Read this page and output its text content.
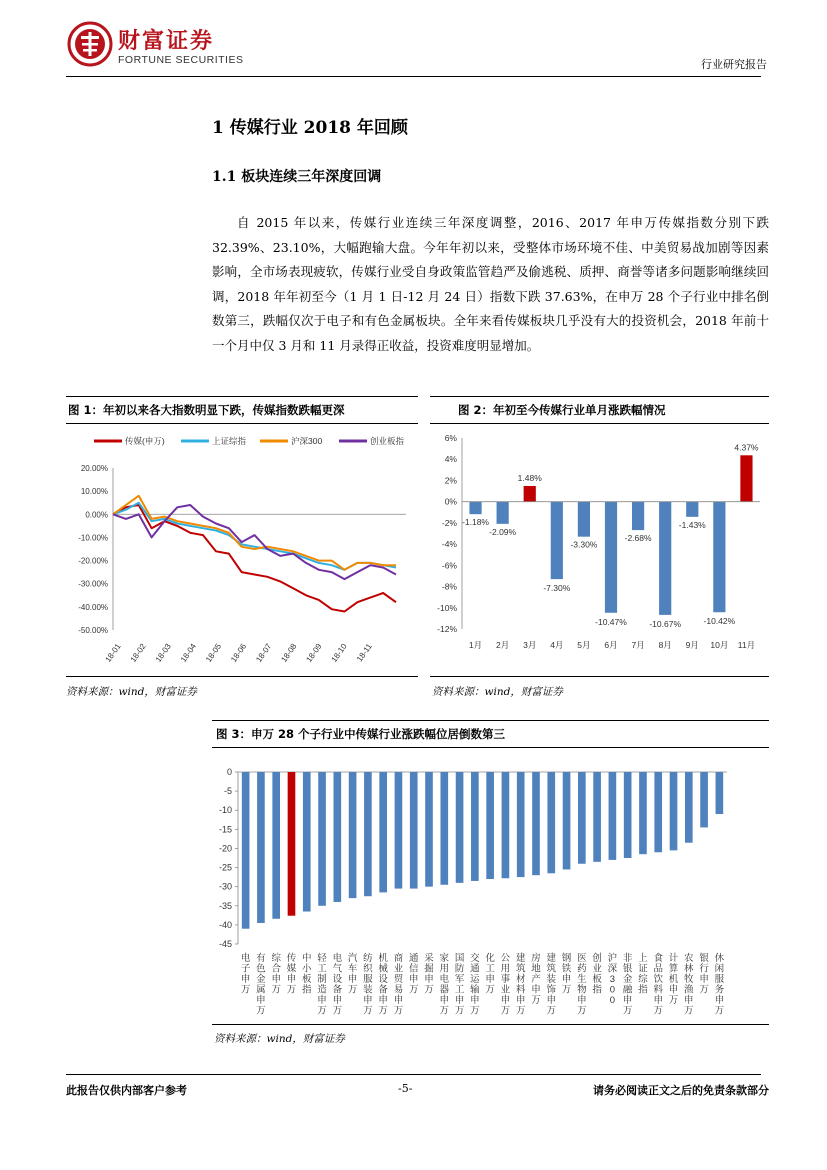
财富证券
FORTUNE SECURITIES	行业研究报告
1 传媒行业 2018 年回顾
1.1 板块连续三年深度回调
自 2015 年以来，传媒行业连续三年深度调整，2016、2017 年申万传媒指数分别下跌 32.39%、23.10%，大幅跑输大盘。今年年初以来，受整体市场环境不佳、中美贸易战加剧等因素影响，全市场表现疲软，传媒行业受自身政策监管趋严及偷逃税、质押、商誉等诸多问题影响继续回调，2018 年年初至今（1 月 1 日-12 月 24 日）指数下跌 37.63%，在申万 28 个子行业中排名倒数第三，跌幅仅次于电子和有色金属板块。全年来看传媒板块几乎没有大的投资机会，2018 年前十一个月中仅 3 月和 11 月录得正收益，投资难度明显增加。
图 1：年初以来各大指数明显下跌，传媒指数跌幅更深
传媒(申万)	上证综指	沪深300	创业板指
20.00%
10.00%
0.00%
-10.00%
-20.00%
-30.00%
-40.00%
-50.00%
18-01 18-02 18-03 18-04 18-05 18-06 18-07 18-08 18-09 18-10 18-11
资料来源：wind，财富证券
图 2：年初至今传媒行业单月涨跌幅情况
6%
4%
2%
0%
-2%
-4%
-6%
-8%
-10%
-12%
-1.18%
1月
-2.09%
2月
1.48%
3月
-7.30%
4月
-3.30%
5月
-10.47%
6月
-2.68%
7月
-10.67%
8月
-1.43%
9月
-10.42%
10月
4.37%
11月
资料来源：wind，财富证券
图 3：申万 28 个子行业中传媒行业涨跌幅位居倒数第三
0
-5
-10
-15
-20
-25
-30
-35
-40
-45
电子申万
有色金属申万
综合申万
传媒申万
中小板指
轻工制造申万
电气设备申万
汽车申万
纺织服装申万
机械设备申万
商业贸易申万
通信申万
采掘申万
家用电器申万
国防军工申万
交通运输申万
化工申万
公用事业申万
建筑材料申万
房地产申万
建筑装饰申万
钢铁申万
医药生物申万
创业板指
沪深 3 0 0
非银金融申万
上证综指
食品饮料申万
计算机申万
农林牧渔申万
银行申万
休闲服务申万
资料来源：wind，财富证券
此报告仅供内部客户参考	-5-	请务必阅读正文之后的免责条款部分
